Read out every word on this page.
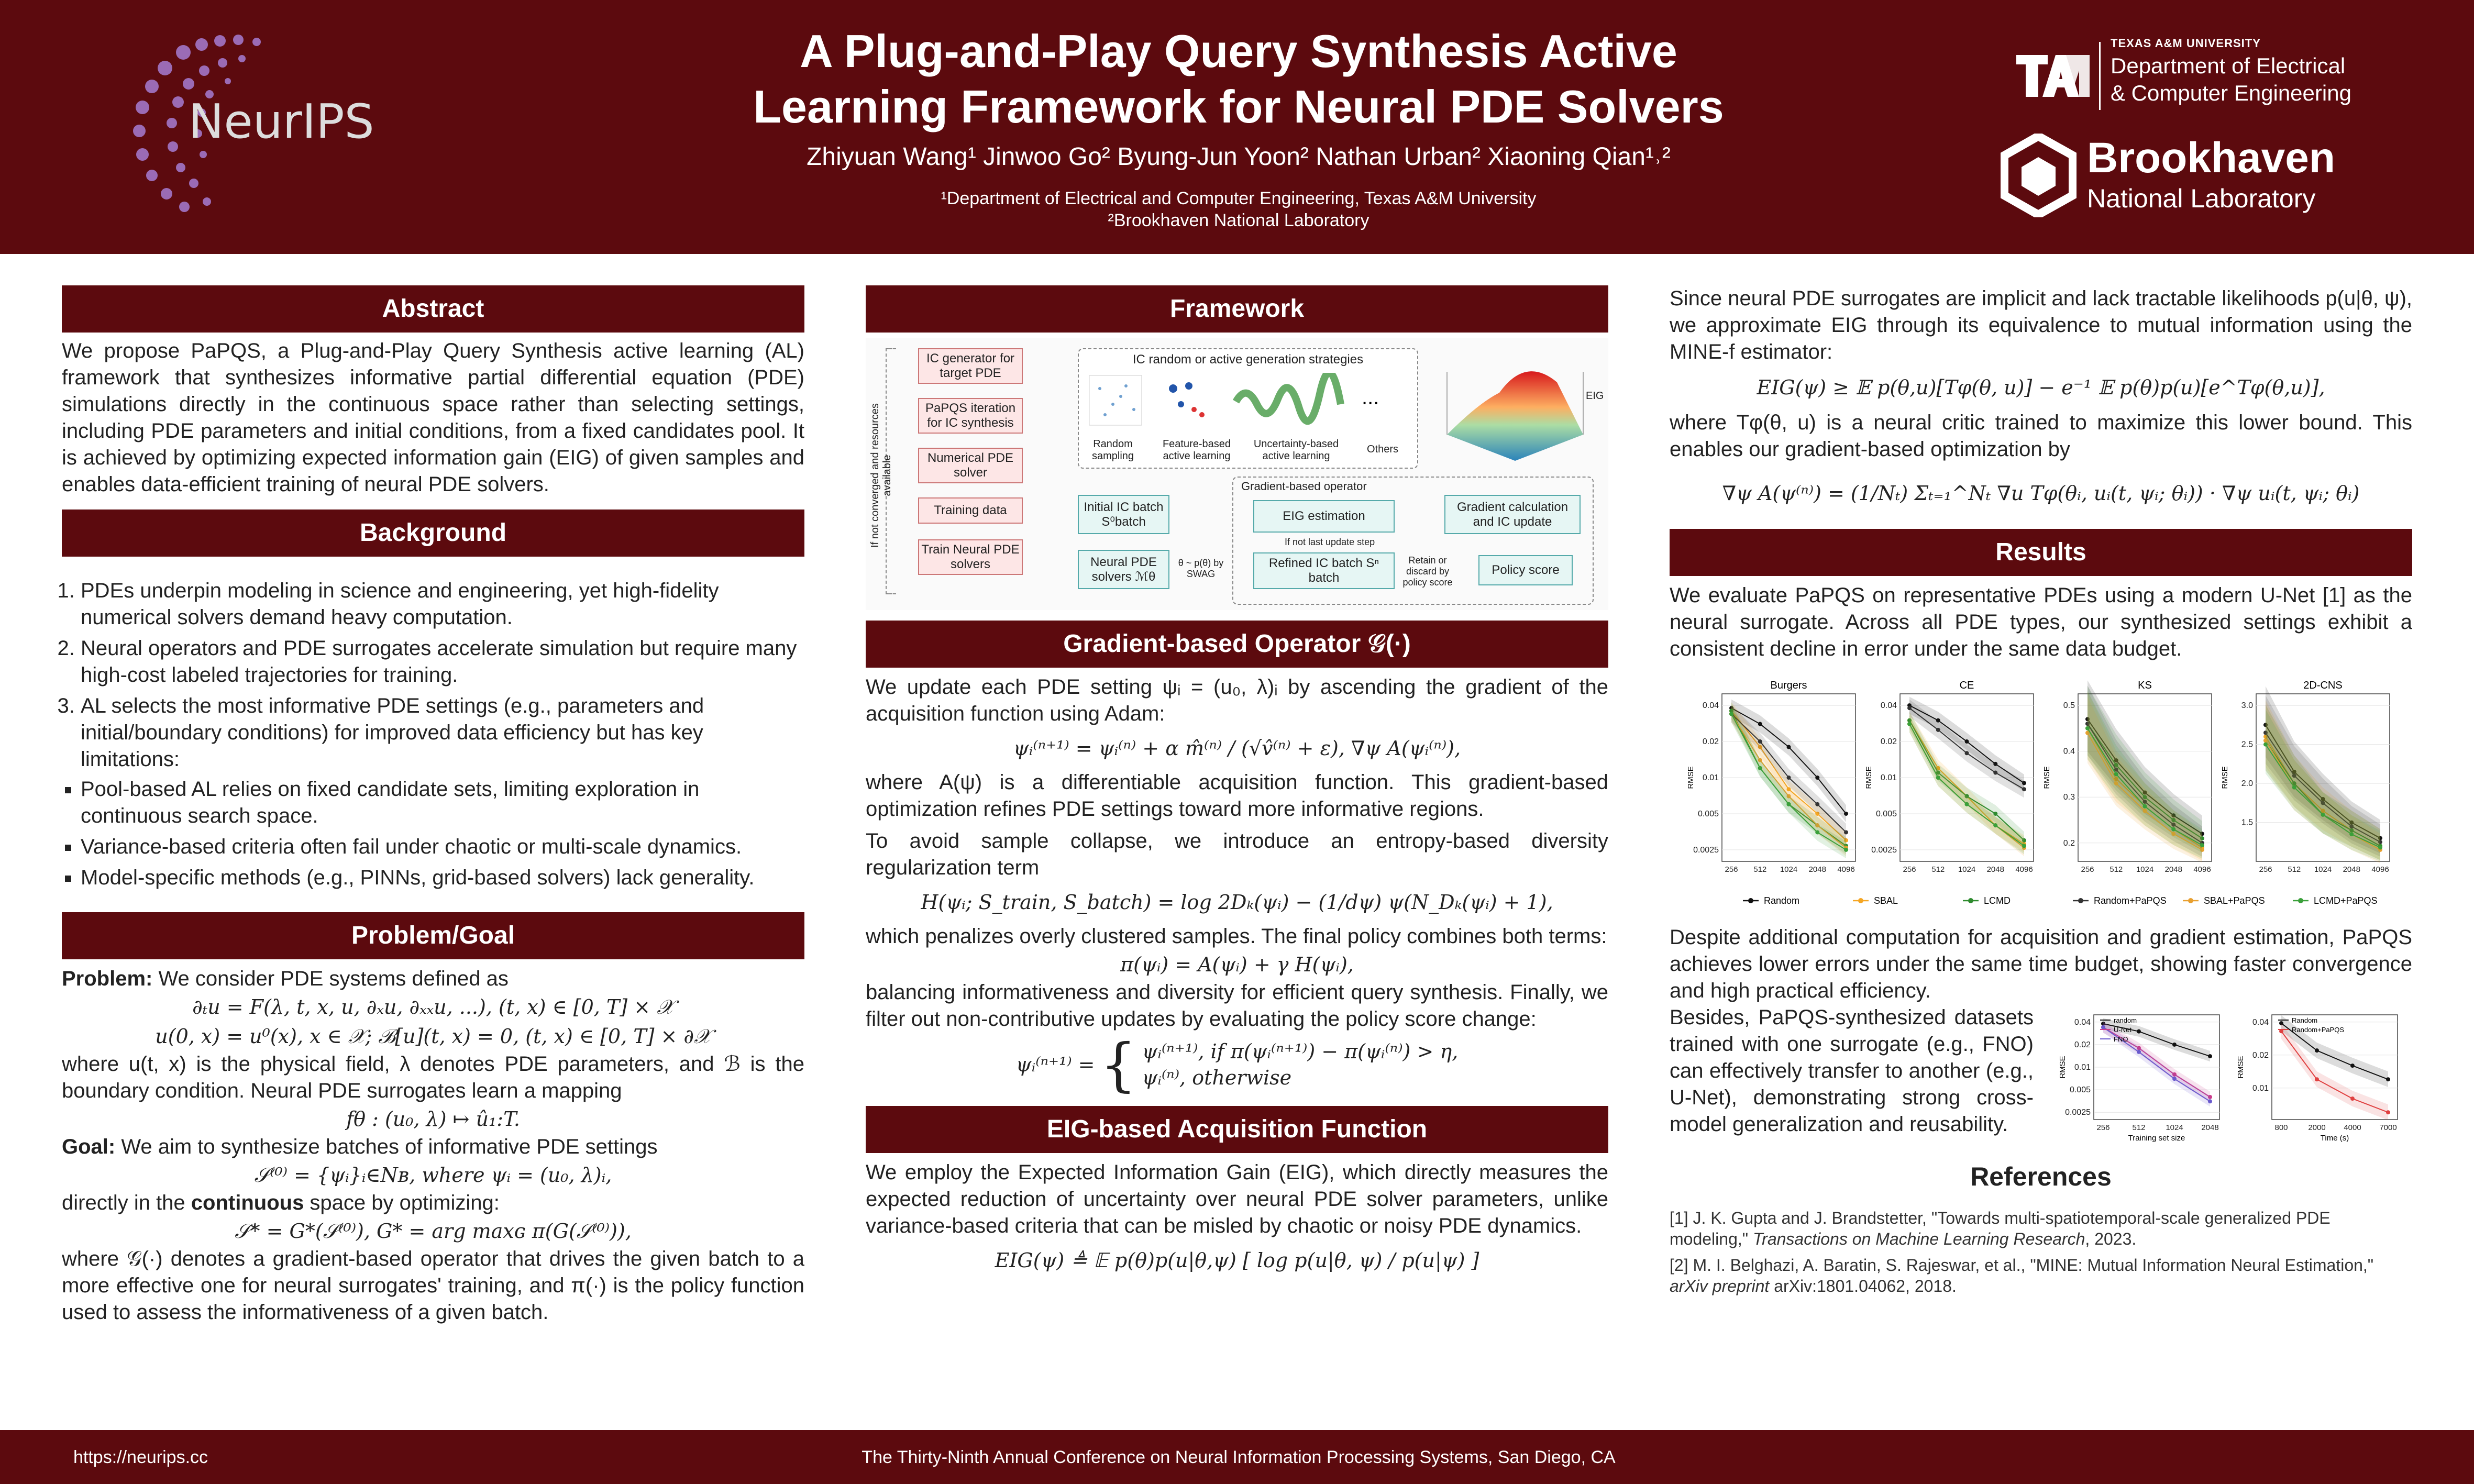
NeurIPS
A Plug-and-Play Query Synthesis Active
Learning Framework for Neural PDE Solvers
Zhiyuan Wang¹ Jinwoo Go² Byung-Jun Yoon² Nathan Urban² Xiaoning Qian¹˒²
¹Department of Electrical and Computer Engineering, Texas A&M University
²Brookhaven National Laboratory
TEXAS A&M UNIVERSITY
Department of Electrical
& Computer Engineering
Brookhaven
National Laboratory
Abstract
We propose PaPQS, a Plug-and-Play Query Synthesis active learning (AL) framework that synthesizes informative partial differential equation (PDE) simulations directly in the continuous space rather than selecting settings, including PDE parameters and initial conditions, from a fixed candidates pool. It is achieved by optimizing expected information gain (EIG) of given samples and enables data-efficient training of neural PDE solvers.
Background
1. PDEs underpin modeling in science and engineering, yet high-fidelity numerical solvers demand heavy computation.
2. Neural operators and PDE surrogates accelerate simulation but require many high-cost labeled trajectories for training.
3. AL selects the most informative PDE settings (e.g., parameters and initial/boundary conditions) for improved data efficiency but has key limitations:
▪ Pool-based AL relies on fixed candidate sets, limiting exploration in continuous search space.
▪ Variance-based criteria often fail under chaotic or multi-scale dynamics.
▪ Model-specific methods (e.g., PINNs, grid-based solvers) lack generality.
Problem/Goal
Problem: We consider PDE systems defined as
∂ₜu = F(λ, t, x, u, ∂ₓu, ∂ₓₓu, ...), (t, x) ∈ [0, T] × 𝒳
u(0, x) = u⁰(x), x ∈ 𝒳; ℬ[u](t, x) = 0, (t, x) ∈ [0, T] × ∂𝒳
where u(t, x) is the physical field, λ denotes PDE parameters, and ℬ is the boundary condition. Neural PDE surrogates learn a mapping
fθ : (u₀, λ) ↦ û₁:T.
Goal: We aim to synthesize batches of informative PDE settings
𝒮⁽⁰⁾ = {ψᵢ}ᵢ∈Nʙ, where ψᵢ = (u₀, λ)ᵢ,
directly in the continuous space by optimizing:
𝒮* = G*(𝒮⁽⁰⁾), G* = arg maxɢ π(G(𝒮⁽⁰⁾)),
where 𝒢(·) denotes a gradient-based operator that drives the given batch to a more effective one for neural surrogates' training, and π(·) is the policy function used to assess the informativeness of a given batch.
Framework
If not converged and resources available
IC generator for target PDE
PaPQS iteration for IC synthesis
Numerical PDE solver
Training data
Train Neural PDE solvers
IC random or active generation strategies
...
Random sampling
Feature-based active learning
Uncertainty-based active learning
Others
EIG
Initial IC batch S⁰batch
Neural PDE solvers ℳθ
θ ~ p(θ) by SWAG
Gradient-based operator
EIG estimation
Gradient calculation and IC update
If not last update step
Refined IC batch Sⁿ batch
Retain or discard by policy score
Policy score
Gradient-based Operator 𝒢(·)
We update each PDE setting ψᵢ = (u₀, λ)ᵢ by ascending the gradient of the acquisition function using Adam:
ψᵢ⁽ⁿ⁺¹⁾ = ψᵢ⁽ⁿ⁾ + α m̂⁽ⁿ⁾ / (√v̂⁽ⁿ⁾ + ε), ∇ψ A(ψᵢ⁽ⁿ⁾),
where A(ψ) is a differentiable acquisition function. This gradient-based optimization refines PDE settings toward more informative regions.
To avoid sample collapse, we introduce an entropy-based diversity regularization term
H(ψᵢ; S_train, S_batch) = log 2Dₖ(ψᵢ) − (1/dψ) ψ(N_Dₖ(ψᵢ) + 1),
which penalizes overly clustered samples. The final policy combines both terms:
π(ψᵢ) = A(ψᵢ) + γ H(ψᵢ),
balancing informativeness and diversity for efficient query synthesis. Finally, we filter out non-contributive updates by evaluating the policy score change:
ψᵢ⁽ⁿ⁺¹⁾ = { ψᵢ⁽ⁿ⁺¹⁾, if π(ψᵢ⁽ⁿ⁺¹⁾) − π(ψᵢ⁽ⁿ⁾) > η,
ψᵢ⁽ⁿ⁾, otherwise
EIG-based Acquisition Function
We employ the Expected Information Gain (EIG), which directly measures the expected reduction of uncertainty over neural PDE solver parameters, unlike variance-based criteria that can be misled by chaotic or noisy PDE dynamics.
EIG(ψ) ≜ 𝔼 p(θ)p(u|θ,ψ) [ log p(u|θ, ψ) / p(u|ψ) ]
Since neural PDE surrogates are implicit and lack tractable likelihoods p(u|θ, ψ), we approximate EIG through its equivalence to mutual information using the MINE-f estimator:
EIG(ψ) ≥ 𝔼 p(θ,u)[Tφ(θ, u)] − e⁻¹ 𝔼 p(θ)p(u)[e^Tφ(θ,u)],
where Tφ(θ, u) is a neural critic trained to maximize this lower bound. This enables our gradient-based optimization by
∇ψ A(ψ⁽ⁿ⁾) = (1/Nₜ) Σₜ₌₁^Nₜ ∇u Tφ(θᵢ, uᵢ(t, ψᵢ; θᵢ)) · ∇ψ uᵢ(t, ψᵢ; θᵢ)
Results
We evaluate PaPQS on representative PDEs using a modern U-Net [1] as the neural surrogate. Across all PDE types, our synthesized settings exhibit a consistent decline in error under the same data budget.
0.04
0.02
0.01
0.005
0.0025
256 512 1024 2048 4096
Burgers
RMSE
0.04
0.02
0.01
0.005
0.0025
256 512 1024 2048 4096
CE
RMSE
0.5
0.4
0.3
0.2
256 512 1024 2048 4096
KS
RMSE
3.0
2.5
2.0
1.5
256 512 1024 2048 4096
2D-CNS
RMSE
Random	SBAL	LCMD	Random+PaPQS	SBAL+PaPQS	LCMD+PaPQS
Despite additional computation for acquisition and gradient estimation, PaPQS achieves lower errors under the same time budget, showing faster convergence and high practical efficiency.
Besides, PaPQS-synthesized datasets trained with one surrogate (e.g., FNO) can effectively transfer to another (e.g., U-Net), demonstrating strong cross-model generalization and reusability.
0.04
0.02
0.01
0.005
0.0025
256	512	1024 2048
RMSE
Training set size
random
U-Net
FNO
0.04
0.02
0.01
800	2000 4000 7000
RMSE
Time (s)
Random
Random+PaPQS
References
[1] J. K. Gupta and J. Brandstetter, "Towards multi-spatiotemporal-scale generalized PDE modeling," Transactions on Machine Learning Research, 2023.
[2] M. I. Belghazi, A. Baratin, S. Rajeswar, et al., "MINE: Mutual Information Neural Estimation," arXiv preprint arXiv:1801.04062, 2018.
https://neurips.cc	The Thirty-Ninth Annual Conference on Neural Information Processing Systems, San Diego, CA
